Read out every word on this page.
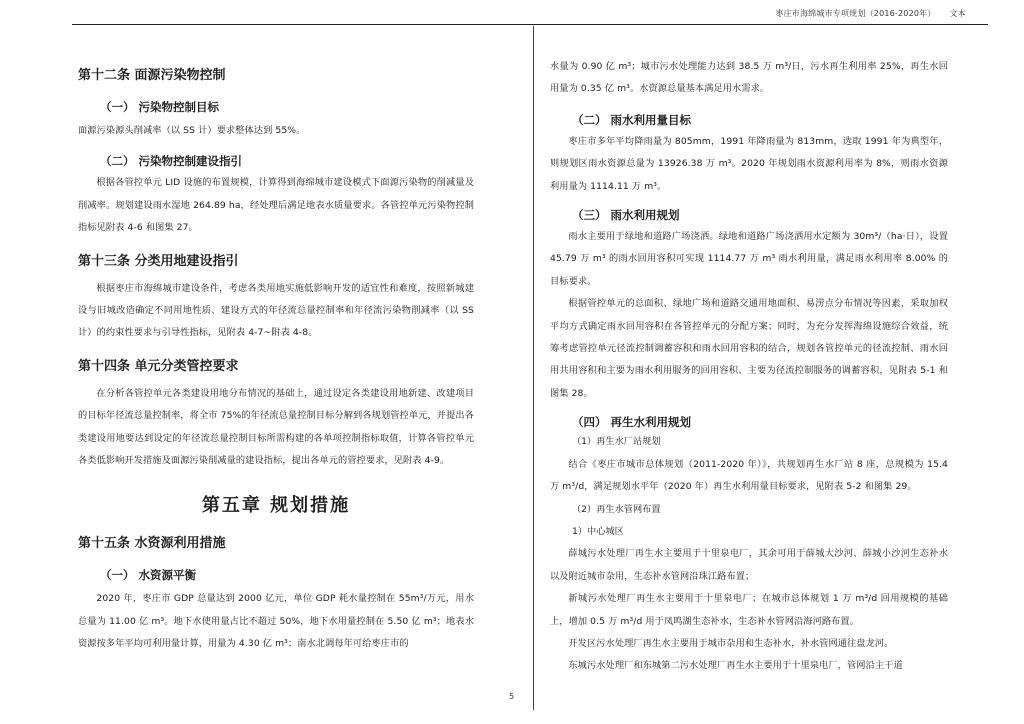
枣庄市海绵城市专项规划（2016-2020年） 文本

第十二条 面源污染物控制

（一） 污染物控制目标

面源污染源头削减率（以 SS 计）要求整体达到 55%。

（二） 污染物控制建设指引

根据各管控单元 LID 设施的布置规模，计算得到海绵城市建设模式下面源污染物的削减量及削减率。规划建设雨水湿地 264.89 ha，经处理后满足地表水质量要求。各管控单元污染物控制指标见附表 4-6 和图集 27。

第十三条 分类用地建设指引

根据枣庄市海绵城市建设条件，考虑各类用地实施低影响开发的适宜性和难度，按照新城建设与旧城改造确定不同用地性质、建设方式的年径流总量控制率和年径流污染物削减率（以 SS 计）的约束性要求与引导性指标，见附表 4-7~附表 4-8。

第十四条 单元分类管控要求

在分析各管控单元各类建设用地分布情况的基础上，通过设定各类建设用地新建、改建项目的目标年径流总量控制率，将全市 75%的年径流总量控制目标分解到各规划管控单元，并提出各类建设用地要达到设定的年径流总量控制目标所需构建的各单项控制指标取值，计算各管控单元各类低影响开发措施及面源污染削减量的建设指标，提出各单元的管控要求，见附表 4-9。

第五章 规划措施

第十五条 水资源利用措施

（一） 水资源平衡

2020 年，枣庄市 GDP 总量达到 2000 亿元，单位 GDP 耗水量控制在 55m³/万元，用水总量为 11.00 亿 m³。地下水使用量占比不超过 50%，地下水用量控制在 5.50 亿 m³；地表水资源按多年平均可利用量计算，用量为 4.30 亿 m³；南水北调每年可给枣庄市的

水量为 0.90 亿 m³；城市污水处理能力达到 38.5 万 m³/日，污水再生利用率 25%，再生水回用量为 0.35 亿 m³。水资源总量基本满足用水需求。

（二） 雨水利用量目标

枣庄市多年平均降雨量为 805mm，1991 年降雨量为 813mm，选取 1991 年为典型年，则规划区雨水资源总量为 13926.38 万 m³。2020 年规划雨水资源利用率为 8%，则雨水资源利用量为 1114.11 万 m³。

（三） 雨水利用规划

雨水主要用于绿地和道路广场浇洒。绿地和道路广场浇洒用水定额为 30m³/（ha·日），设置 45.79 万 m³ 的雨水回用容积可实现 1114.77 万 m³ 雨水利用量，满足雨水利用率 8.00% 的目标要求。

根据管控单元的总面积、绿地广场和道路交通用地面积、易涝点分布情况等因素，采取加权平均方式确定雨水回用容积在各管控单元的分配方案；同时，为充分发挥海绵设施综合效益，统筹考虑管控单元径流控制调蓄容积和雨水回用容积的结合，规划各管控单元的径流控制、雨水回用共用容积和主要为雨水利用服务的回用容积、主要为径流控制服务的调蓄容积，见附表 5-1 和图集 28。

（四） 再生水利用规划

（1）再生水厂站规划

结合《枣庄市城市总体规划（2011-2020 年）》，共规划再生水厂站 8 座，总规模为 15.4 万 m³/d，满足规划水平年（2020 年）再生水利用量目标要求，见附表 5-2 和图集 29。

（2）再生水管网布置

1）中心城区

薛城污水处理厂再生水主要用于十里泉电厂，其余可用于薛城大沙河、薛城小沙河生态补水以及附近城市杂用，生态补水管网沿珠江路布置；

新城污水处理厂再生水主要用于十里泉电厂；在城市总体规划 1 万 m³/d 回用规模的基础上，增加 0.5 万 m³/d 用于凤鸣湖生态补水，生态补水管网沿海河路布置。

开发区污水处理厂再生水主要用于城市杂用和生态补水，补水管网通往盘龙河。

东城污水处理厂和东城第二污水处理厂再生水主要用于十里泉电厂，管网沿主干道

5
